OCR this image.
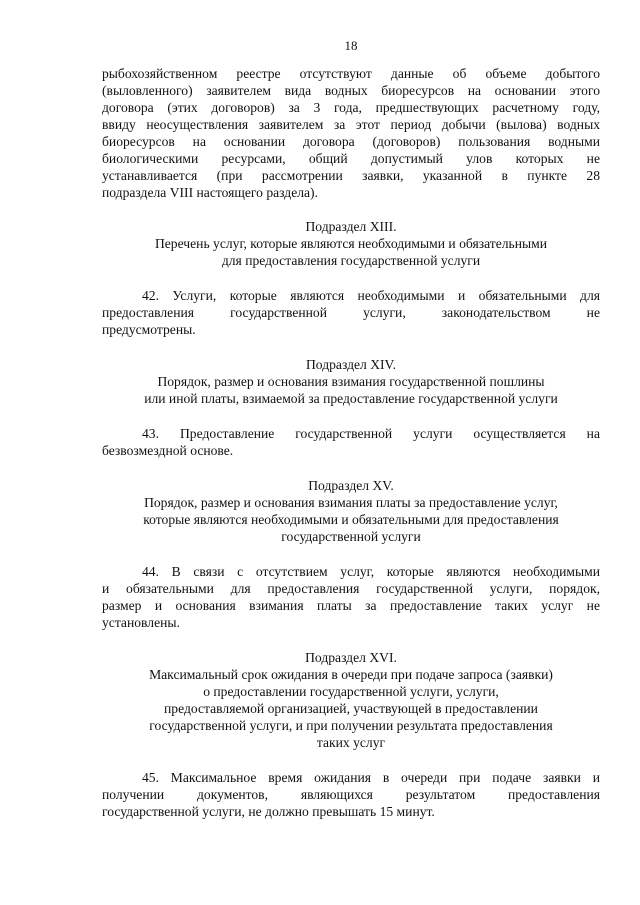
18
рыбохозяйственном реестре отсутствуют данные об объеме добытого
(выловленного) заявителем вида водных биоресурсов на основании этого
договора (этих договоров) за 3 года, предшествующих расчетному году,
ввиду неосуществления заявителем за этот период добычи (вылова) водных
биоресурсов на основании договора (договоров) пользования водными
биологическими ресурсами, общий допустимый улов которых не
устанавливается (при рассмотрении заявки, указанной в пункте 28
подраздела VIII настоящего раздела).
Подраздел XIII.
Перечень услуг, которые являются необходимыми и обязательными
для предоставления государственной услуги
42. Услуги, которые являются необходимыми и обязательными для
предоставления государственной услуги, законодательством не
предусмотрены.
Подраздел XIV.
Порядок, размер и основания взимания государственной пошлины
или иной платы, взимаемой за предоставление государственной услуги
43. Предоставление государственной услуги осуществляется на
безвозмездной основе.
Подраздел XV.
Порядок, размер и основания взимания платы за предоставление услуг,
которые являются необходимыми и обязательными для предоставления
государственной услуги
44. В связи с отсутствием услуг, которые являются необходимыми
и обязательными для предоставления государственной услуги, порядок,
размер и основания взимания платы за предоставление таких услуг не
установлены.
Подраздел XVI.
Максимальный срок ожидания в очереди при подаче запроса (заявки)
о предоставлении государственной услуги, услуги,
предоставляемой организацией, участвующей в предоставлении
государственной услуги, и при получении результата предоставления
таких услуг
45. Максимальное время ожидания в очереди при подаче заявки и
получении документов, являющихся результатом предоставления
государственной услуги, не должно превышать 15 минут.
